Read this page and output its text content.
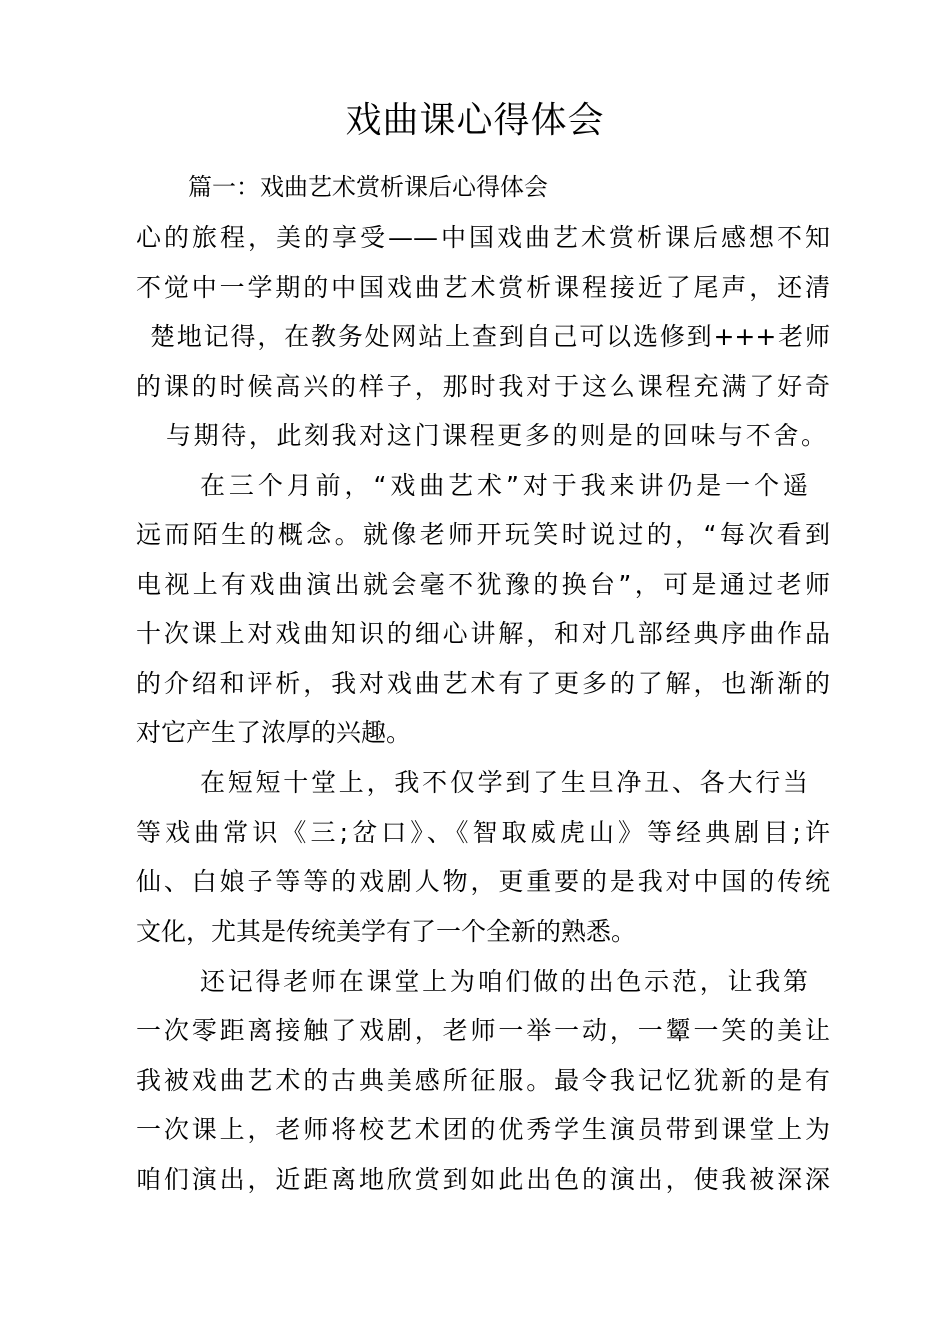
戏曲课心得体会
篇一：戏曲艺术赏析课后心得体会
心的旅程，美的享受——中国戏曲艺术赏析课后感想不知
不觉中一学期的中国戏曲艺术赏析课程接近了尾声，还清
楚地记得，在教务处网站上查到自己可以选修到+++老师
的课的时候高兴的样子，那时我对于这么课程充满了好奇
与期待，此刻我对这门课程更多的则是的回味与不舍。
在三个月前，“戏曲艺术”对于我来讲仍是一个遥
远而陌生的概念。就像老师开玩笑时说过的，“每次看到
电视上有戏曲演出就会毫不犹豫的换台”，可是通过老师
十次课上对戏曲知识的细心讲解，和对几部经典序曲作品
的介绍和评析，我对戏曲艺术有了更多的了解，也渐渐的
对它产生了浓厚的兴趣。
在短短十堂上，我不仅学到了生旦净丑、各大行当
等戏曲常识《三;岔口》、《智取威虎山》等经典剧目;许
仙、白娘子等等的戏剧人物，更重要的是我对中国的传统
文化，尤其是传统美学有了一个全新的熟悉。
还记得老师在课堂上为咱们做的出色示范，让我第
一次零距离接触了戏剧，老师一举一动，一颦一笑的美让
我被戏曲艺术的古典美感所征服。最令我记忆犹新的是有
一次课上，老师将校艺术团的优秀学生演员带到课堂上为
咱们演出，近距离地欣赏到如此出色的演出，使我被深深
